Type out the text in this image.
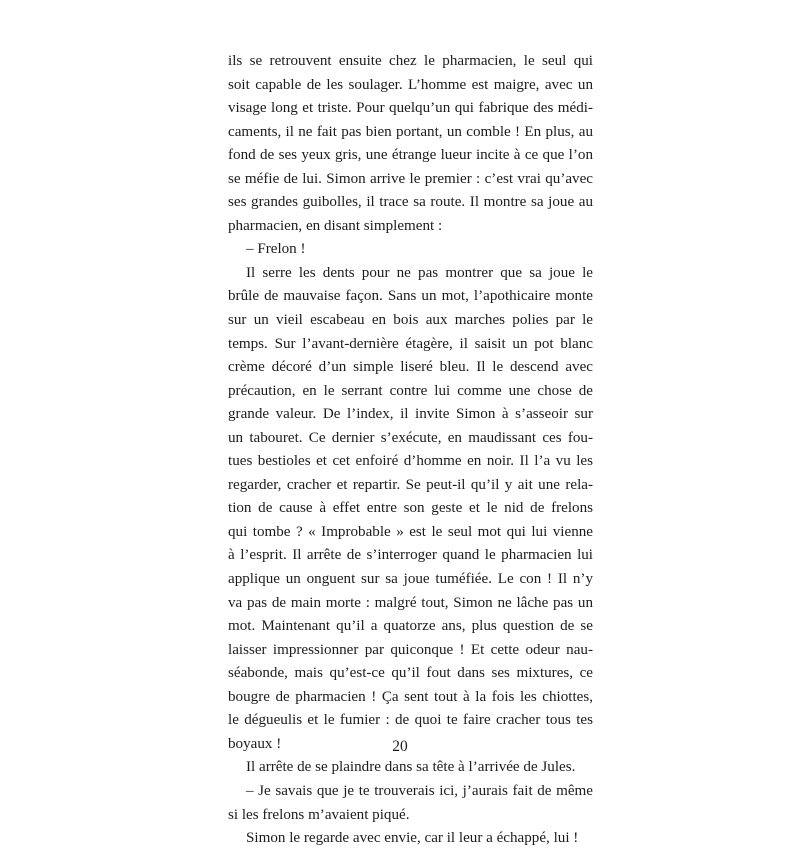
ils se retrouvent ensuite chez le pharmacien, le seul qui
soit capable de les soulager. L’homme est maigre, avec un
visage long et triste. Pour quelqu’un qui fabrique des médi-
caments, il ne fait pas bien portant, un comble ! En plus, au
fond de ses yeux gris, une étrange lueur incite à ce que l’on
se méfie de lui. Simon arrive le premier : c’est vrai qu’avec
ses grandes guibolles, il trace sa route. Il montre sa joue au
pharmacien, en disant simplement :
– Frelon !
Il serre les dents pour ne pas montrer que sa joue le
brûle de mauvaise façon. Sans un mot, l’apothicaire monte
sur un vieil escabeau en bois aux marches polies par le
temps. Sur l’avant-dernière étagère, il saisit un pot blanc
crème décoré d’un simple liseré bleu. Il le descend avec
précaution, en le serrant contre lui comme une chose de
grande valeur. De l’index, il invite Simon à s’asseoir sur
un tabouret. Ce dernier s’exécute, en maudissant ces fou-
tues bestioles et cet enfoiré d’homme en noir. Il l’a vu les
regarder, cracher et repartir. Se peut-il qu’il y ait une rela-
tion de cause à effet entre son geste et le nid de frelons
qui tombe ? « Improbable » est le seul mot qui lui vienne
à l’esprit. Il arrête de s’interroger quand le pharmacien lui
applique un onguent sur sa joue tuméfiée. Le con ! Il n’y
va pas de main morte : malgré tout, Simon ne lâche pas un
mot. Maintenant qu’il a quatorze ans, plus question de se
laisser impressionner par quiconque ! Et cette odeur nau-
séabonde, mais qu’est-ce qu’il fout dans ses mixtures, ce
bougre de pharmacien ! Ça sent tout à la fois les chiottes,
le dégueulis et le fumier : de quoi te faire cracher tous tes
boyaux !
Il arrête de se plaindre dans sa tête à l’arrivée de Jules.
– Je savais que je te trouverais ici, j’aurais fait de même
si les frelons m’avaient piqué.
Simon le regarde avec envie, car il leur a échappé, lui !
20
